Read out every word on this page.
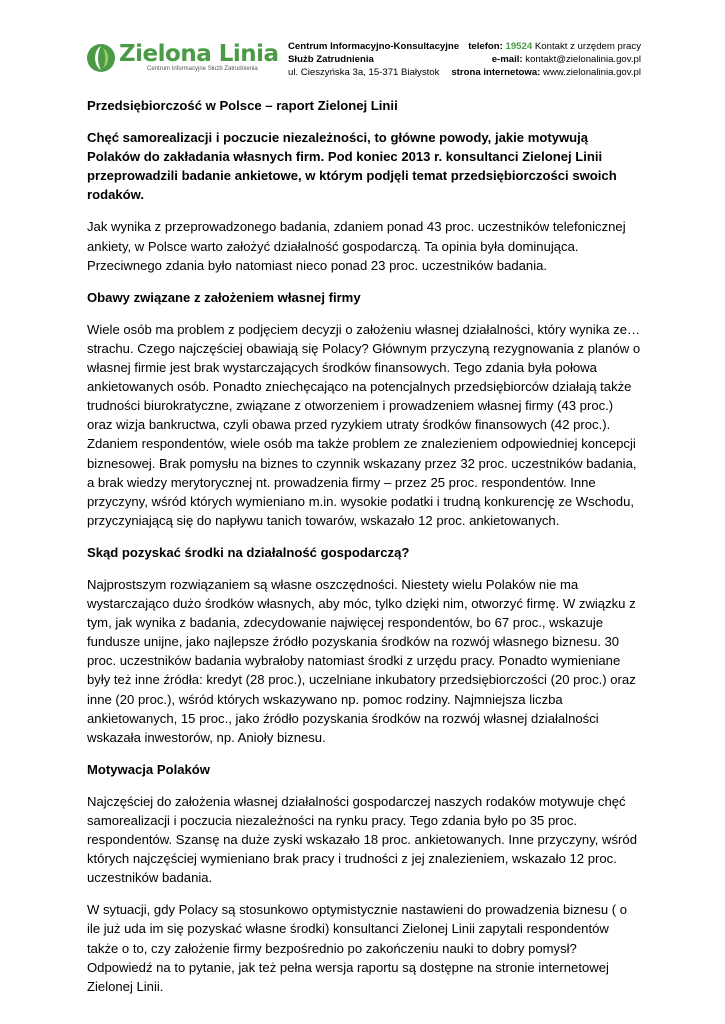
Zielona Linia
Centrum Informacyjne Służb Zatrudnienia
Centrum Informacyjno-Konsultacyjne
Służb Zatrudnienia
ul. Cieszyńska 3a, 15-371 Białystok
telefon: 19524 Kontakt z urzędem pracy
e-mail: kontakt@zielonalinia.gov.pl
strona internetowa: www.zielonalinia.gov.pl
Przedsiębiorczość w Polsce – raport Zielonej Linii

Chęć samorealizacji i poczucie niezależności, to główne powody, jakie motywują Polaków do zakładania własnych firm. Pod koniec 2013 r. konsultanci Zielonej Linii przeprowadzili badanie ankietowe, w którym podjęli temat przedsiębiorczości swoich rodaków.

Jak wynika z przeprowadzonego badania, zdaniem ponad 43 proc. uczestników telefonicznej ankiety, w Polsce warto założyć działalność gospodarczą. Ta opinia była dominująca. Przeciwnego zdania było natomiast nieco ponad 23 proc. uczestników badania.

Obawy związane z założeniem własnej firmy

Wiele osób ma problem z podjęciem decyzji o założeniu własnej działalności, który wynika ze… strachu. Czego najczęściej obawiają się Polacy? Głównym przyczyną rezygnowania z planów o własnej firmie jest brak wystarczających środków finansowych. Tego zdania była połowa ankietowanych osób. Ponadto zniechęcająco na potencjalnych przedsiębiorców działają także trudności biurokratyczne, związane z otworzeniem i prowadzeniem własnej firmy (43 proc.) oraz wizja bankructwa, czyli obawa przed ryzykiem utraty środków finansowych (42 proc.). Zdaniem respondentów, wiele osób ma także problem ze znalezieniem odpowiedniej koncepcji biznesowej. Brak pomysłu na biznes to czynnik wskazany przez 32 proc. uczestników badania, a brak wiedzy merytorycznej nt. prowadzenia firmy – przez 25 proc. respondentów. Inne przyczyny, wśród których wymieniano m.in. wysokie podatki i trudną konkurencję ze Wschodu, przyczyniającą się do napływu tanich towarów, wskazało 12 proc. ankietowanych.

Skąd pozyskać środki na działalność gospodarczą?

Najprostszym rozwiązaniem są własne oszczędności. Niestety wielu Polaków nie ma wystarczająco dużo środków własnych, aby móc, tylko dzięki nim, otworzyć firmę. W związku z tym, jak wynika z badania, zdecydowanie najwięcej respondentów, bo 67 proc., wskazuje fundusze unijne, jako najlepsze źródło pozyskania środków na rozwój własnego biznesu. 30 proc. uczestników badania wybrałoby natomiast środki z urzędu pracy. Ponadto wymieniane były też inne źródła: kredyt (28 proc.), uczelniane inkubatory przedsiębiorczości (20 proc.) oraz inne (20 proc.), wśród których wskazywano np. pomoc rodziny. Najmniejsza liczba ankietowanych, 15 proc., jako źródło pozyskania środków na rozwój własnej działalności wskazała inwestorów, np. Anioły biznesu.

Motywacja Polaków

Najczęściej do założenia własnej działalności gospodarczej naszych rodaków motywuje chęć samorealizacji i poczucia niezależności na rynku pracy. Tego zdania było po 35 proc. respondentów. Szansę na duże zyski wskazało 18 proc. ankietowanych. Inne przyczyny, wśród których najczęściej wymieniano brak pracy i trudności z jej znalezieniem, wskazało 12 proc. uczestników badania.

W sytuacji, gdy Polacy są stosunkowo optymistycznie nastawieni do prowadzenia biznesu ( o ile już uda im się pozyskać własne środki) konsultanci Zielonej Linii zapytali respondentów także o to, czy założenie firmy bezpośrednio po zakończeniu nauki to dobry pomysł? Odpowiedź na to pytanie, jak też pełna wersja raportu są dostępne na stronie internetowej Zielonej Linii.
